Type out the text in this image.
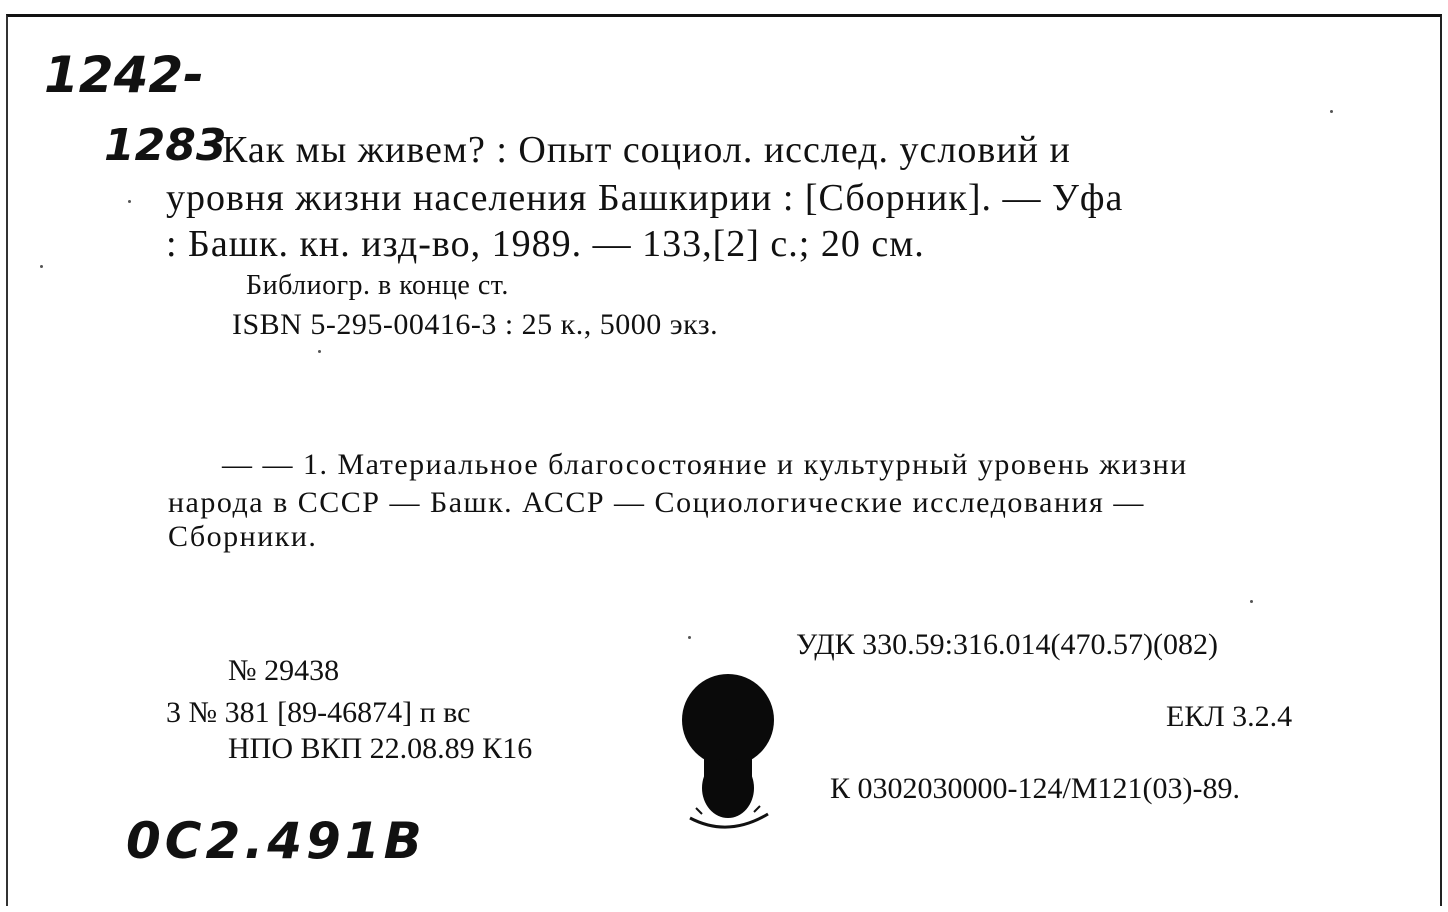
1242-
1283
Как мы живем? : Опыт социол. исслед. условий и
уровня жизни населения Башкирии : [Сборник]. — Уфа
: Башк. кн. изд-во, 1989. — 133,[2] с.; 20 см.
Библиогр. в конце ст.
ISBN 5-295-00416-3 : 25 к., 5000 экз.
— — 1. Материальное благосостояние и культурный уровень жизни
народа в СССР — Башк. АССР — Социологические исследования —
Сборники.
№ 29438
3 № 381 [89-46874] п вс
НПО ВКП 22.08.89 К16
УДК 330.59:316.014(470.57)(082)
ЕКЛ 3.2.4
К 0302030000-124/М121(03)-89.
0C2.491B
